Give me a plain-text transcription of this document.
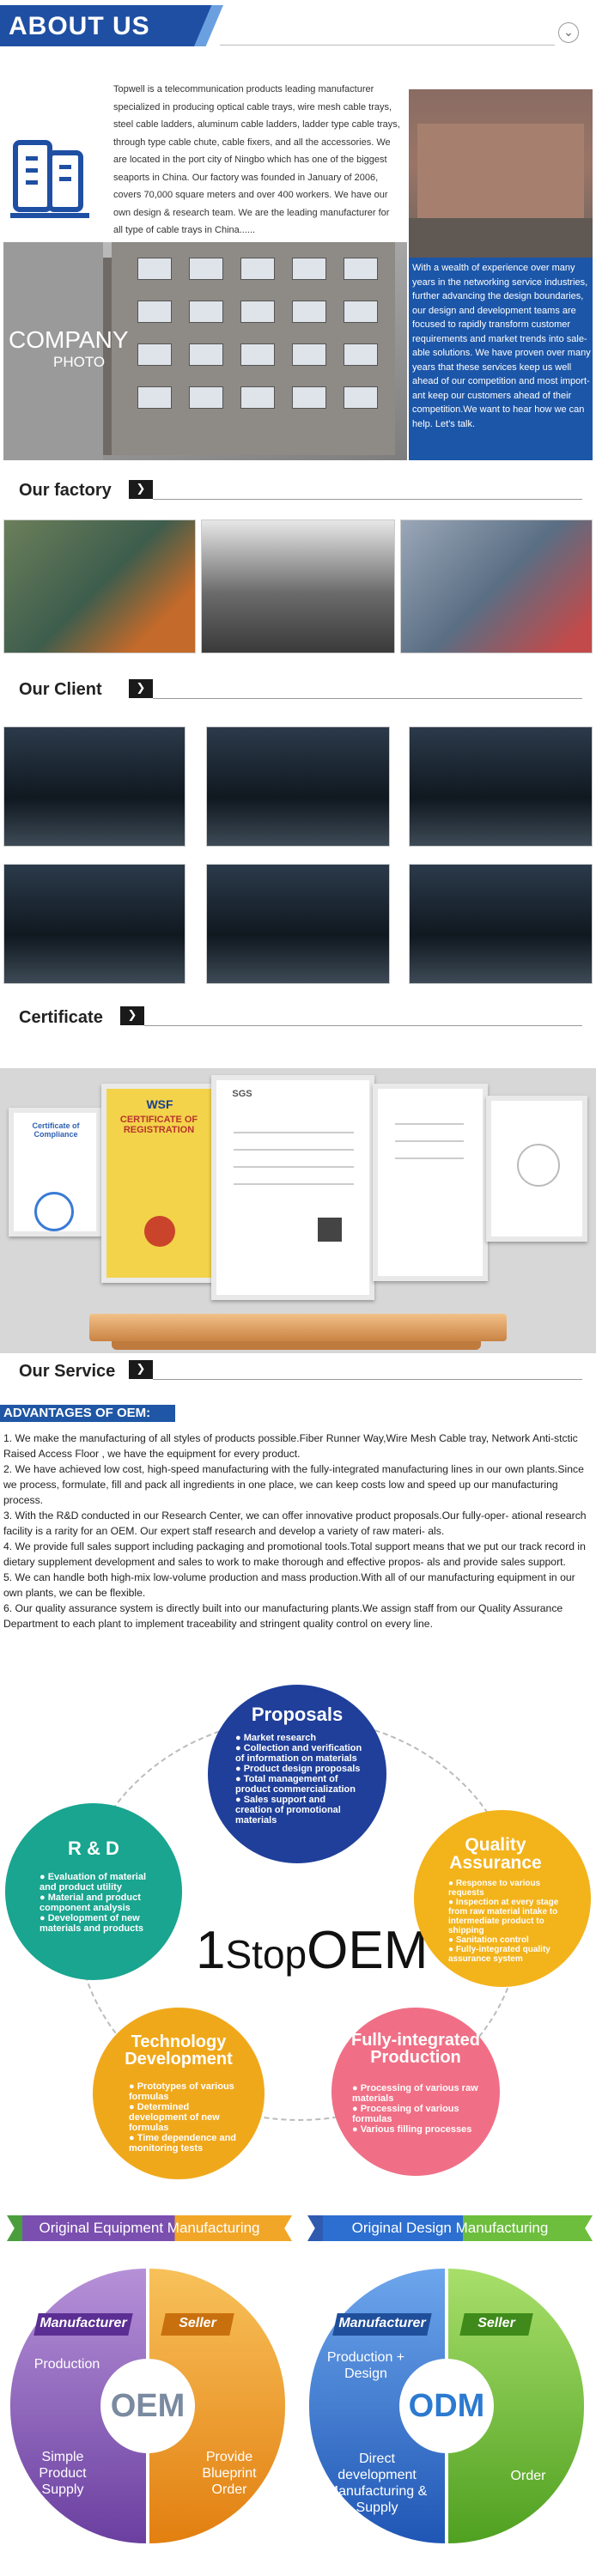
ABOUT US	⌄
COMPANY
PHOTO
Topwell is a telecommunication products leading manufacturer specialized in producing optical cable trays, wire mesh cable trays, steel cable ladders, aluminum cable ladders, ladder type cable trays, through type cable chute, cable fixers, and all the accessories. We are located in the port city of Ningbo which has one of the biggest seaports in China. Our factory was founded in January of 2006, covers 70,000 square meters and over 400 workers. We have our own design & research team. We are the leading manufacturer for all type of cable trays in China......
With a wealth of experience over many years in the networking service industries, further advancing the design boundaries, our design and development teams are focused to rapidly transform customer requirements and market trends into sale- able solutions. We have proven over many years that these services keep us well ahead of our competition and most import- ant keep our customers ahead of their competition.We want to hear how we can help. Let's talk.
Our factory	❯
Our Client	❯
Certificate	❯
Certificate of Compliance
WSF
CERTIFICATE OF REGISTRATION
SGS
Our Service	❯
ADVANTAGES OF OEM:

1. We make the manufacturing of all styles of products possible.Fiber Runner Way,Wire Mesh Cable tray, Network Anti-stctic Raised Access Floor , we have the equipment for every product.

2. We have achieved low cost, high-speed manufacturing with the fully-integrated manufacturing lines in our own plants.Since we process, formulate, fill and pack all ingredients in one place, we can keep costs low and speed up our manufacturing process.

3. With the R&D conducted in our Research Center, we can offer innovative product proposals.Our fully-oper- ational research facility is a rarity for an OEM. Our expert staff research and develop a variety of raw materi- als.

4. We provide full sales support including packaging and promotional tools.Total support means that we put our track record in dietary supplement development and sales to work to make thorough and effective propos- als and provide sales support.

5. We can handle both high-mix low-volume production and mass production.With all of our manufacturing equipment in our own plants, we can be flexible.

6. Our quality assurance system is directly built into our manufacturing plants.We assign staff from our Quality Assurance Department to each plant to implement traceability and stringent quality control on every line.

1StopOEM
Proposals
● Market research
● Collection and verification of information on materials
● Product design proposals
● Total management of product commercialization
● Sales support and creation of promotional materials
Quality Assurance
● Response to various requests
● Inspection at every stage from raw material intake to intermediate product to shipping
● Sanitation control
● Fully-integrated quality assurance system
Fully-integrated Production
● Processing of various raw materials
● Processing of various formulas
● Various filling processes
Technology Development
● Prototypes of various formulas
● Determined development of new formulas
● Time dependence and monitoring tests
R & D
● Evaluation of material and product utility
● Material and product component analysis
● Development of new materials and products
Original Equipment Manufacturing	Original Design Manufacturing
Manufacturer	Seller
Production
OEM
Simple Product Supply
Provide Blueprint Order
Manufacturer	Seller
Production + Design
ODM
Direct development Manufacturing & Supply
Order
